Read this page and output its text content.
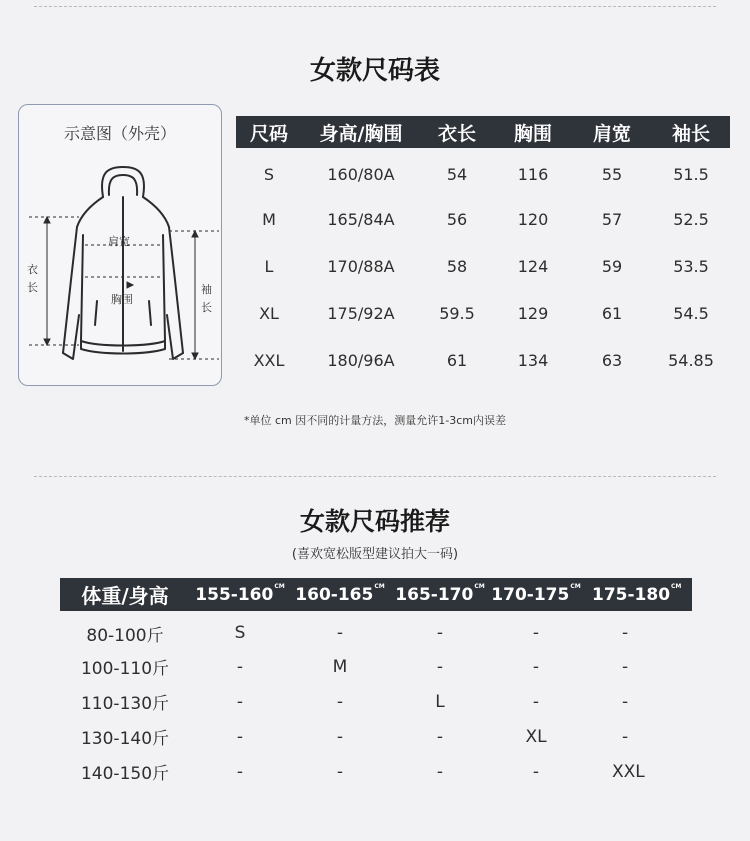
女款尺码表
示意图（外壳）
肩宽
胸围
衣
长	袖
长
尺码	身高/胸围	衣长	胸围	肩宽	袖长
S	160/80A	54	116	55	51.5
M	165/84A	56	120	57	52.5
L	170/88A	58	124	59	53.5
XL	175/92A	59.5	129	61	54.5
XXL	180/96A	61	134	63	54.85
*单位 cm 因不同的计量方法，测量允许1-3cm内误差
女款尺码推荐
(喜欢宽松版型建议拍大一码)
体重/身高	$155-160^{CM}$	$160-165^{CM}$	$165-170^{CM}$	$170-175^{CM}$	$175-180^{CM}$
80-100斤	S	-	-	-	-
100-110斤	-	M	-	-	-
110-130斤	-	-	L	-	-
130-140斤	-	-	-	XL	-
140-150斤	-	-	-	-	XXL
